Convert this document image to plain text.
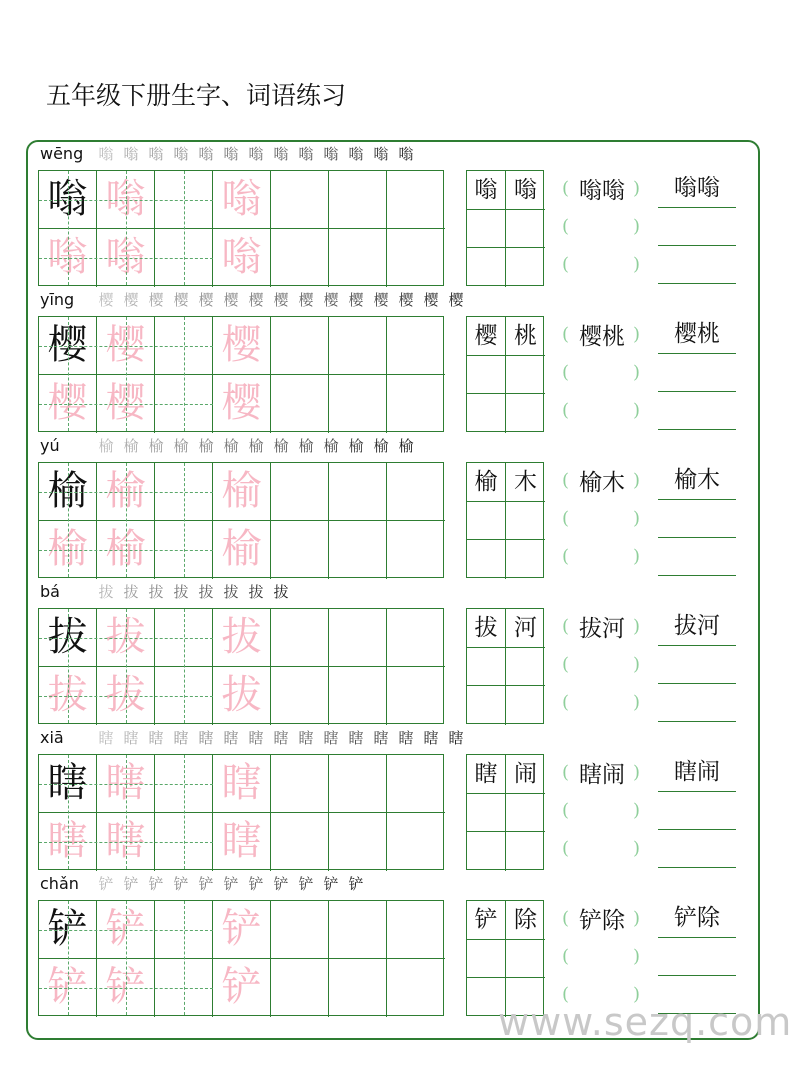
五年级下册生字、词语练习
wēng 嗡 嗡 嗡 嗡 嗡 嗡 嗡 嗡 嗡 嗡 嗡 嗡 嗡
嗡 嗡 嗡
嗡 嗡 嗡
嗡 嗡	( 嗡嗡 )	嗡嗡
(	)
(	)
yīng 樱 樱 樱 樱 樱 樱 樱 樱 樱 樱 樱 樱 樱 樱 樱
樱 樱 樱
樱 樱 樱
樱 桃	( 樱桃 )	樱桃
(	)
(	)
yú	榆 榆 榆 榆 榆 榆 榆 榆 榆 榆 榆 榆 榆
榆 榆 榆
榆 榆 榆
榆 木	( 榆木 )	榆木
(	)
(	)
bá	拔 拔 拔 拔 拔 拔 拔 拔
拔 拔 拔
拔 拔 拔
拔 河	( 拔河 )	拔河
(	)
(	)
xiā 瞎 瞎 瞎 瞎 瞎 瞎 瞎 瞎 瞎 瞎 瞎 瞎 瞎 瞎 瞎
瞎 瞎 瞎
瞎 瞎 瞎
瞎 闹	( 瞎闹 )	瞎闹
(	)
(	)
chǎn 铲 铲 铲 铲 铲 铲 铲 铲 铲 铲 铲
铲 铲 铲
铲 铲 铲
铲 除	( 铲除 )	铲除
(	)
(	)
www.sezq.com
